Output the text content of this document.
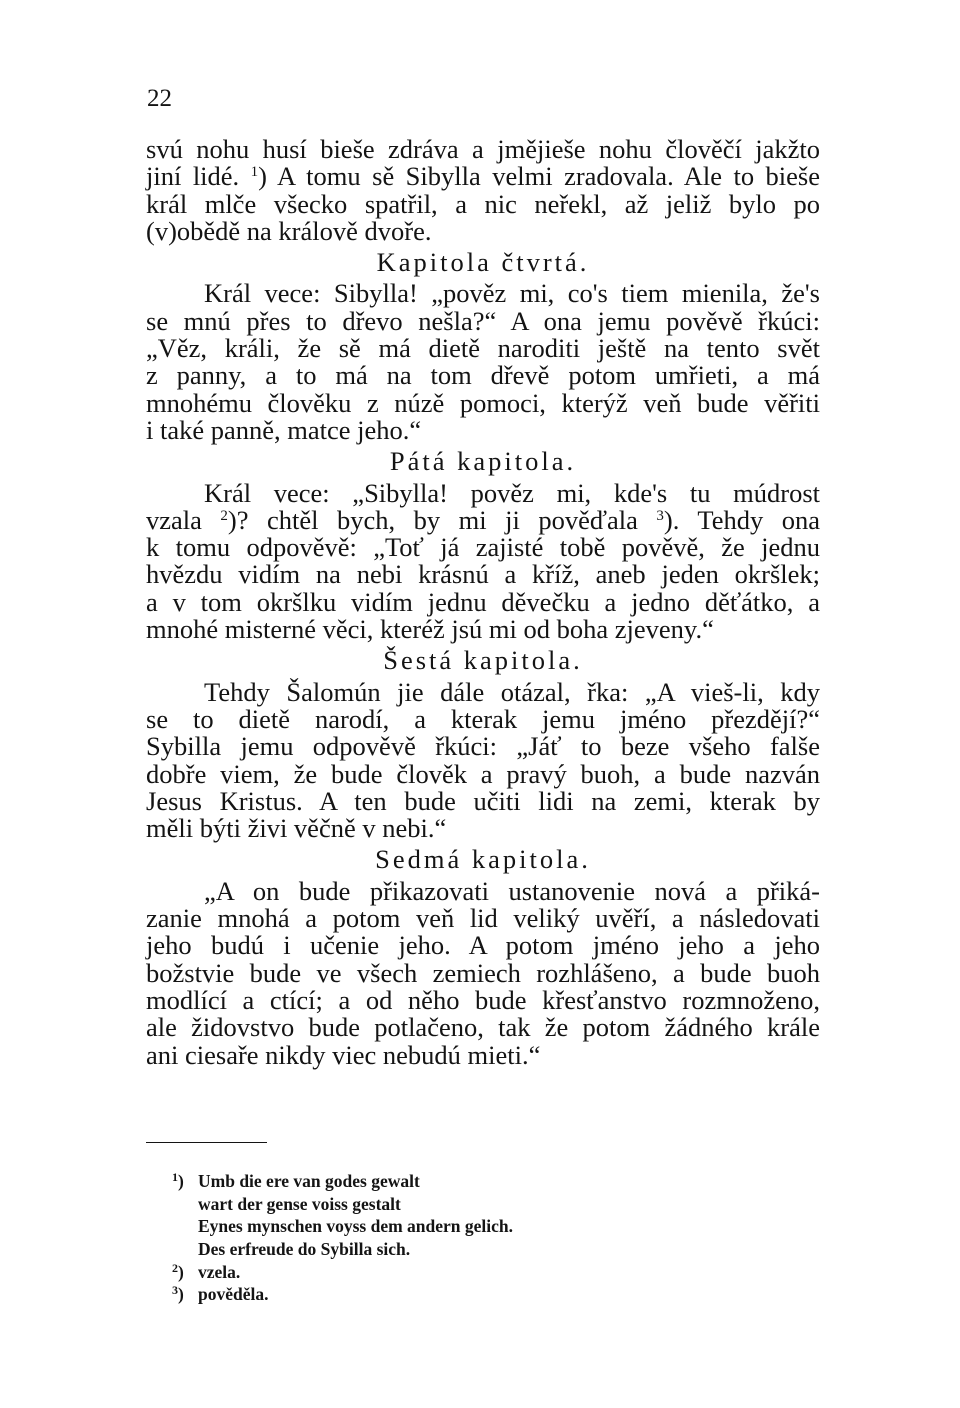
22
svú nohu husí bieše zdráva a jmějieše nohu člověčí jakžto
jiní lidé. $^1$) A tomu sě Sibylla velmi zradovala. Ale to bieše
král mlče všecko spatřil, a nic neřekl, až jeliž bylo po
(v)obědě na králově dvoře.
Kapitola čtvrtá.
Král vece: Sibylla! „pověz mi, co's tiem mienila, že's
se mnú přes to dřevo nešla?“ A ona jemu pověvě řkúci:
„Věz, králi, že sě má dietě naroditi ještě na tento svět
z panny, a to má na tom dřevě potom umřieti, a má
mnohému člověku z núzě pomoci, kterýž veň bude věřiti
i také panně, matce jeho.“
Pátá kapitola.
Král vece: „Sibylla! pověz mi, kde's tu múdrost
vzala $^2$)? chtěl bych, by mi ji pověďala $^3$). Tehdy ona
k tomu odpověvě: „Toť já zajisté tobě pověvě, že jednu
hvězdu vidím na nebi krásnú a kříž, aneb jeden okršlek;
a v tom okršlku vidím jednu děvečku a jedno děťátko, a
mnohé misterné věci, kteréž jsú mi od boha zjeveny.“
Šestá kapitola.
Tehdy Šalomún jie dále otázal, řka: „A vieš-li, kdy
se to dietě narodí, a kterak jemu jméno přezdějí?“
Sybilla jemu odpověvě řkúci: „Jáť to beze všeho falše
dobře viem, že bude člověk a pravý buoh, a bude nazván
Jesus Kristus. A ten bude učiti lidi na zemi, kterak by
měli býti živi věčně v nebi.“
Sedmá kapitola.
„A on bude přikazovati ustanovenie nová a přiká-
zanie mnohá a potom veň lid veliký uvěří, a následovati
jeho budú i učenie jeho. A potom jméno jeho a jeho
božstvie bude ve všech zemiech rozhlášeno, a bude buoh
modlící a ctící; a od něho bude křesťanstvo rozmnoženo,
ale židovstvo bude potlačeno, tak že potom žádného krále
ani ciesaře nikdy viec nebudú mieti.“
$^1$) Umb die ere van godes gewalt
wart der gense voiss gestalt
Eynes mynschen voyss dem andern gelich.
Des erfreude do Sybilla sich.
$^2$) vzela.
$^3$) pověděla.
